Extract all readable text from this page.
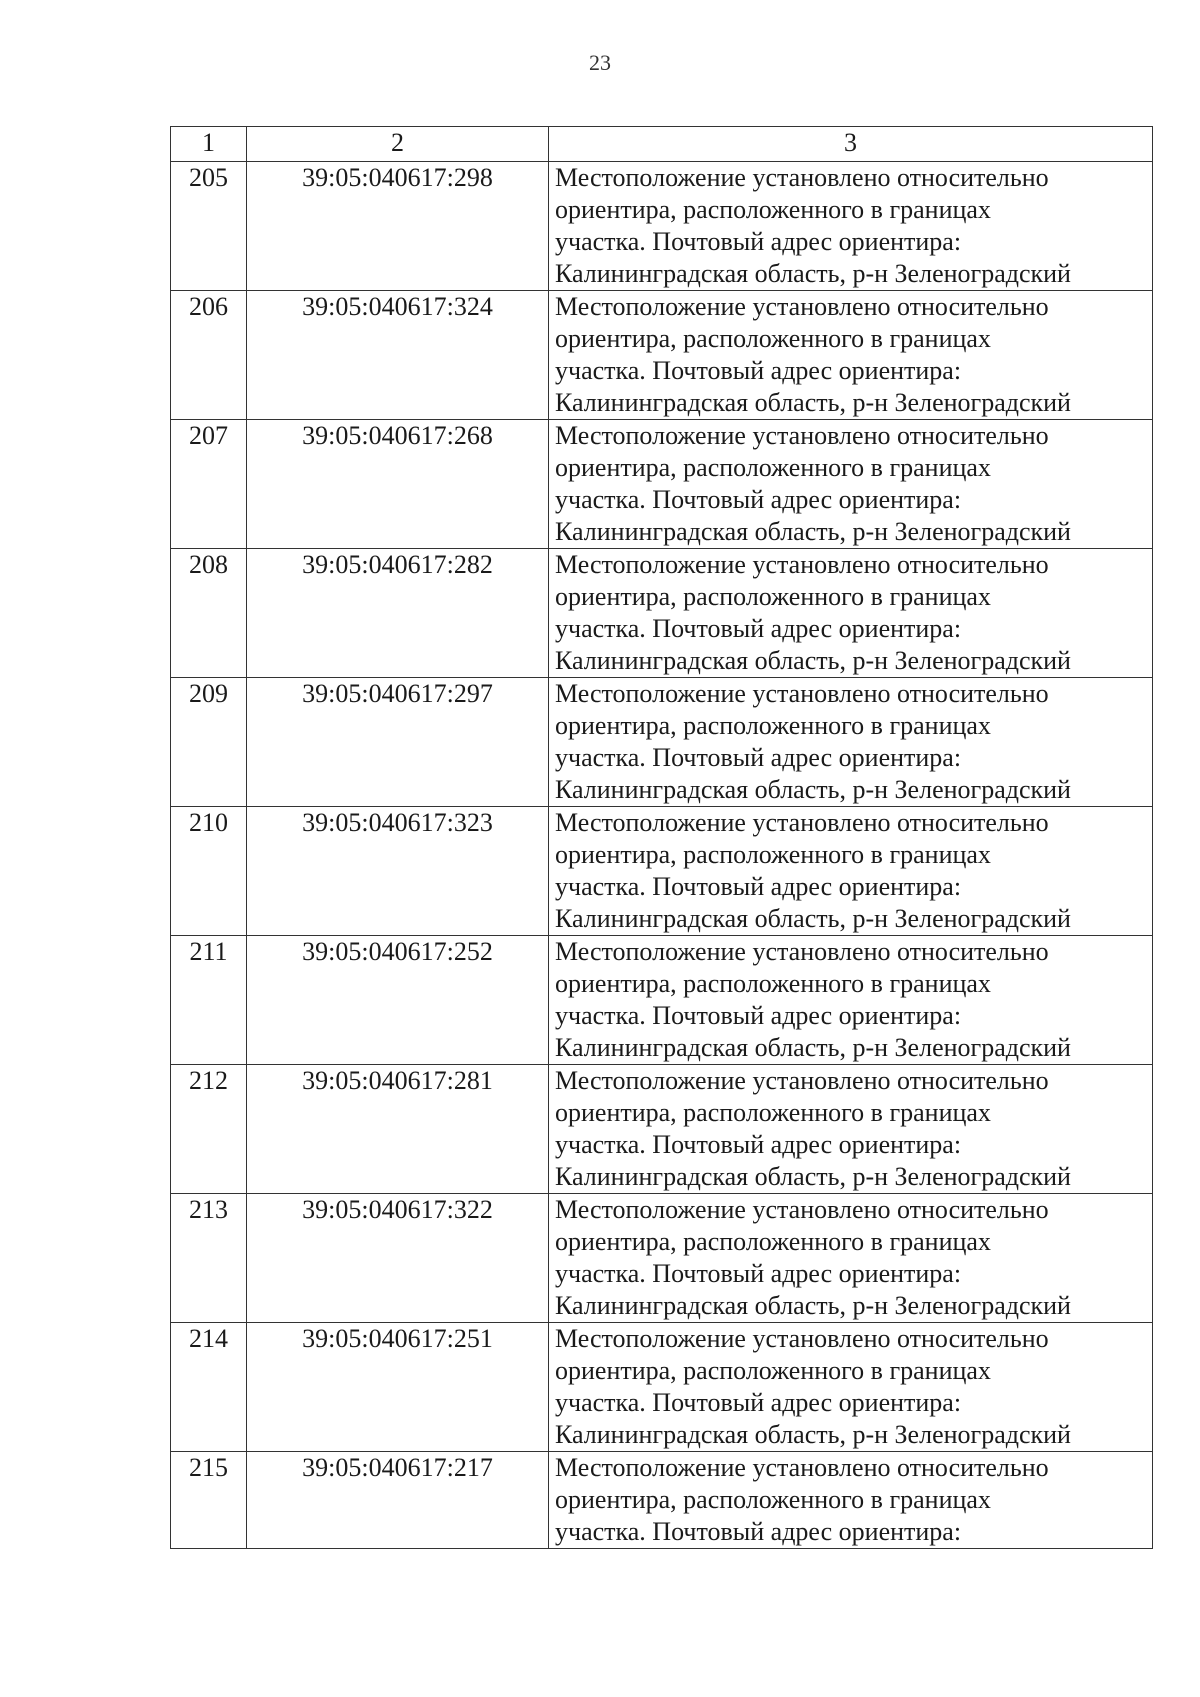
23
1	2	3
205	39:05:040617:298	Местоположение установлено относительно
ориентира, расположенного в границах
участка. Почтовый адрес ориентира:
Калининградская область, р-н Зеленоградский
206	39:05:040617:324	Местоположение установлено относительно
ориентира, расположенного в границах
участка. Почтовый адрес ориентира:
Калининградская область, р-н Зеленоградский
207	39:05:040617:268	Местоположение установлено относительно
ориентира, расположенного в границах
участка. Почтовый адрес ориентира:
Калининградская область, р-н Зеленоградский
208	39:05:040617:282	Местоположение установлено относительно
ориентира, расположенного в границах
участка. Почтовый адрес ориентира:
Калининградская область, р-н Зеленоградский
209	39:05:040617:297	Местоположение установлено относительно
ориентира, расположенного в границах
участка. Почтовый адрес ориентира:
Калининградская область, р-н Зеленоградский
210	39:05:040617:323	Местоположение установлено относительно
ориентира, расположенного в границах
участка. Почтовый адрес ориентира:
Калининградская область, р-н Зеленоградский
211	39:05:040617:252	Местоположение установлено относительно
ориентира, расположенного в границах
участка. Почтовый адрес ориентира:
Калининградская область, р-н Зеленоградский
212	39:05:040617:281	Местоположение установлено относительно
ориентира, расположенного в границах
участка. Почтовый адрес ориентира:
Калининградская область, р-н Зеленоградский
213	39:05:040617:322	Местоположение установлено относительно
ориентира, расположенного в границах
участка. Почтовый адрес ориентира:
Калининградская область, р-н Зеленоградский
214	39:05:040617:251	Местоположение установлено относительно
ориентира, расположенного в границах
участка. Почтовый адрес ориентира:
Калининградская область, р-н Зеленоградский
215	39:05:040617:217	Местоположение установлено относительно
ориентира, расположенного в границах
участка. Почтовый адрес ориентира:
